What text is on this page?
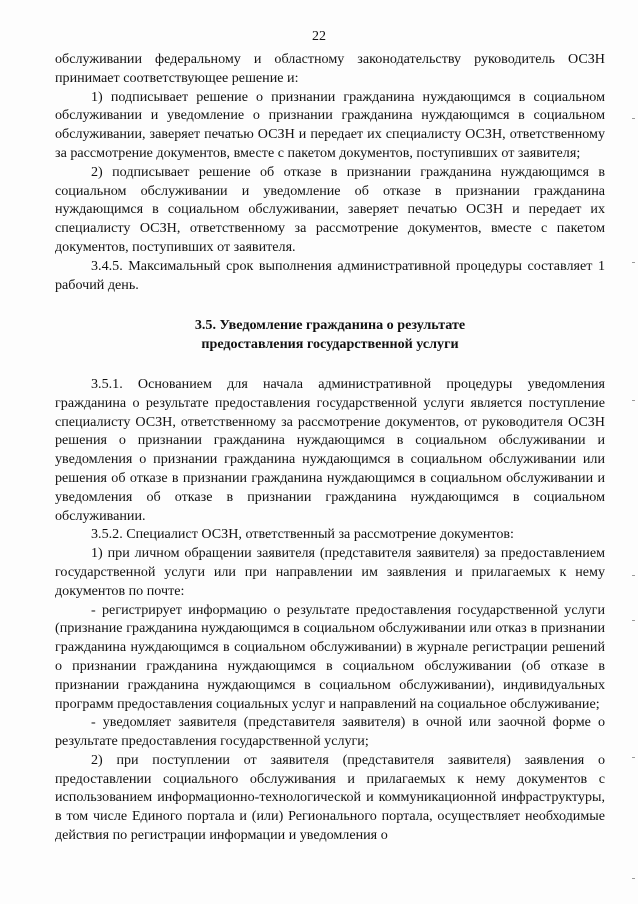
22

обслуживании федеральному и областному законодательству руководитель ОСЗН принимает соответствующее решение и:

1) подписывает решение о признании гражданина нуждающимся в социальном обслуживании и уведомление о признании гражданина нуждающимся в социальном обслуживании, заверяет печатью ОСЗН и передает их специалисту ОСЗН, ответственному за рассмотрение документов, вместе с пакетом документов, поступивших от заявителя;

2) подписывает решение об отказе в признании гражданина нуждающимся в социальном обслуживании и уведомление об отказе в признании гражданина нуждающимся в социальном обслуживании, заверяет печатью ОСЗН и передает их специалисту ОСЗН, ответственному за рассмотрение документов, вместе с пакетом документов, поступивших от заявителя.

3.4.5. Максимальный срок выполнения административной процедуры составляет 1 рабочий день.

3.5. Уведомление гражданина о результате
предоставления государственной услуги

3.5.1. Основанием для начала административной процедуры уведомления гражданина о результате предоставления государственной услуги является поступление специалисту ОСЗН, ответственному за рассмотрение документов, от руководителя ОСЗН решения о признании гражданина нуждающимся в социальном обслуживании и уведомления о признании гражданина нуждающимся в социальном обслуживании или решения об отказе в признании гражданина нуждающимся в социальном обслуживании и уведомления об отказе в признании гражданина нуждающимся в социальном обслуживании.

3.5.2. Специалист ОСЗН, ответственный за рассмотрение документов:

1) при личном обращении заявителя (представителя заявителя) за предоставлением государственной услуги или при направлении им заявления и прилагаемых к нему документов по почте:

- регистрирует информацию о результате предоставления государственной услуги (признание гражданина нуждающимся в социальном обслуживании или отказ в признании гражданина нуждающимся в социальном обслуживании) в журнале регистрации решений о признании гражданина нуждающимся в социальном обслуживании (об отказе в признании гражданина нуждающимся в социальном обслуживании), индивидуальных программ предоставления социальных услуг и направлений на социальное обслуживание;

- уведомляет заявителя (представителя заявителя) в очной или заочной форме о результате предоставления государственной услуги;

2) при поступлении от заявителя (представителя заявителя) заявления о предоставлении социального обслуживания и прилагаемых к нему документов с использованием информационно-технологической и коммуникационной инфраструктуры, в том числе Единого портала и (или) Регионального портала, осуществляет необходимые действия по регистрации информации и уведомления о
